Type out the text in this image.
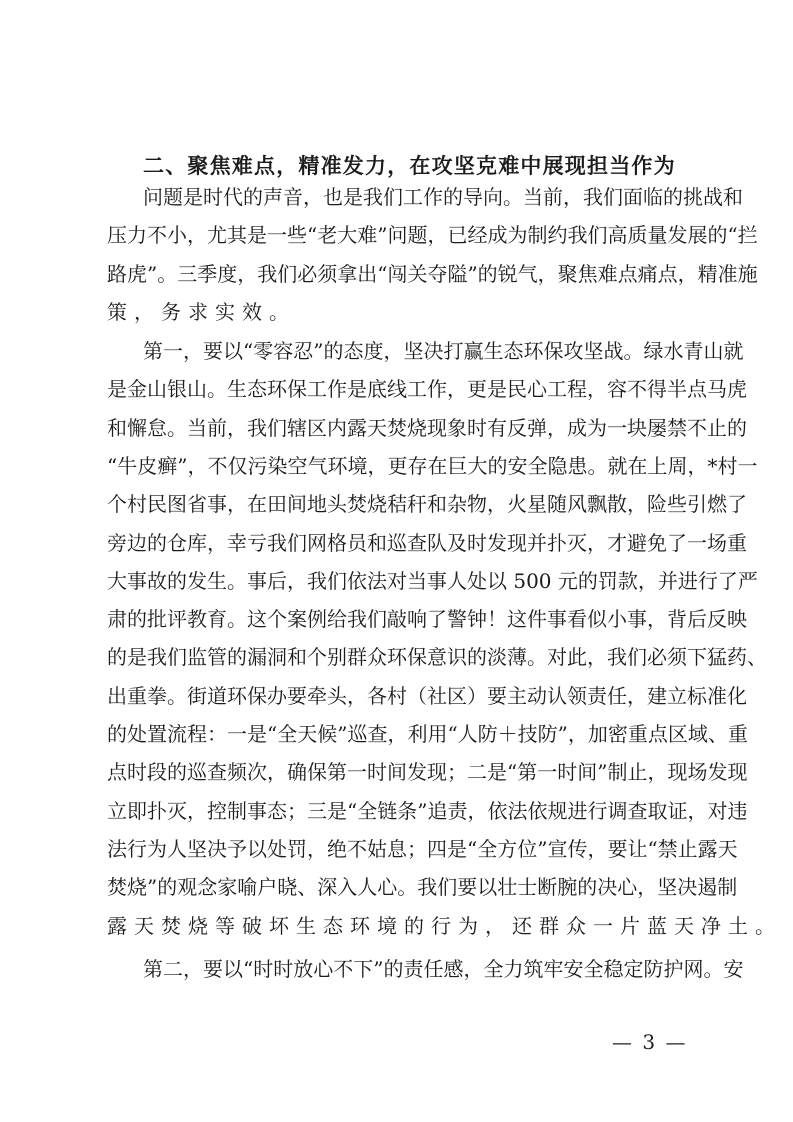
二、聚焦难点，精准发力，在攻坚克难中展现担当作为
问题是时代的声音，也是我们工作的导向。当前，我们面临的挑战和
压力不小，尤其是一些“老大难”问题，已经成为制约我们高质量发展的“拦
路虎”。三季度，我们必须拿出“闯关夺隘”的锐气，聚焦难点痛点，精准施
策，务求实效。
第一，要以“零容忍”的态度，坚决打赢生态环保攻坚战。绿水青山就
是金山银山。生态环保工作是底线工作，更是民心工程，容不得半点马虎
和懈怠。当前，我们辖区内露天焚烧现象时有反弹，成为一块屡禁不止的
“牛皮癣”，不仅污染空气环境，更存在巨大的安全隐患。就在上周，*村一
个村民图省事，在田间地头焚烧秸秆和杂物，火星随风飘散，险些引燃了
旁边的仓库，幸亏我们网格员和巡查队及时发现并扑灭，才避免了一场重
大事故的发生。事后，我们依法对当事人处以 500 元的罚款，并进行了严
肃的批评教育。这个案例给我们敲响了警钟！这件事看似小事，背后反映
的是我们监管的漏洞和个别群众环保意识的淡薄。对此，我们必须下猛药、
出重拳。街道环保办要牵头，各村（社区）要主动认领责任，建立标准化
的处置流程：一是“全天候”巡查，利用“人防＋技防”，加密重点区域、重
点时段的巡查频次，确保第一时间发现；二是“第一时间”制止，现场发现
立即扑灭，控制事态；三是“全链条”追责，依法依规进行调查取证，对违
法行为人坚决予以处罚，绝不姑息；四是“全方位”宣传，要让“禁止露天
焚烧”的观念家喻户晓、深入人心。我们要以壮士断腕的决心，坚决遏制
露天焚烧等破坏生态环境的行为，还群众一片蓝天净土。
第二，要以“时时放心不下”的责任感，全力筑牢安全稳定防护网。安
— 3 —
